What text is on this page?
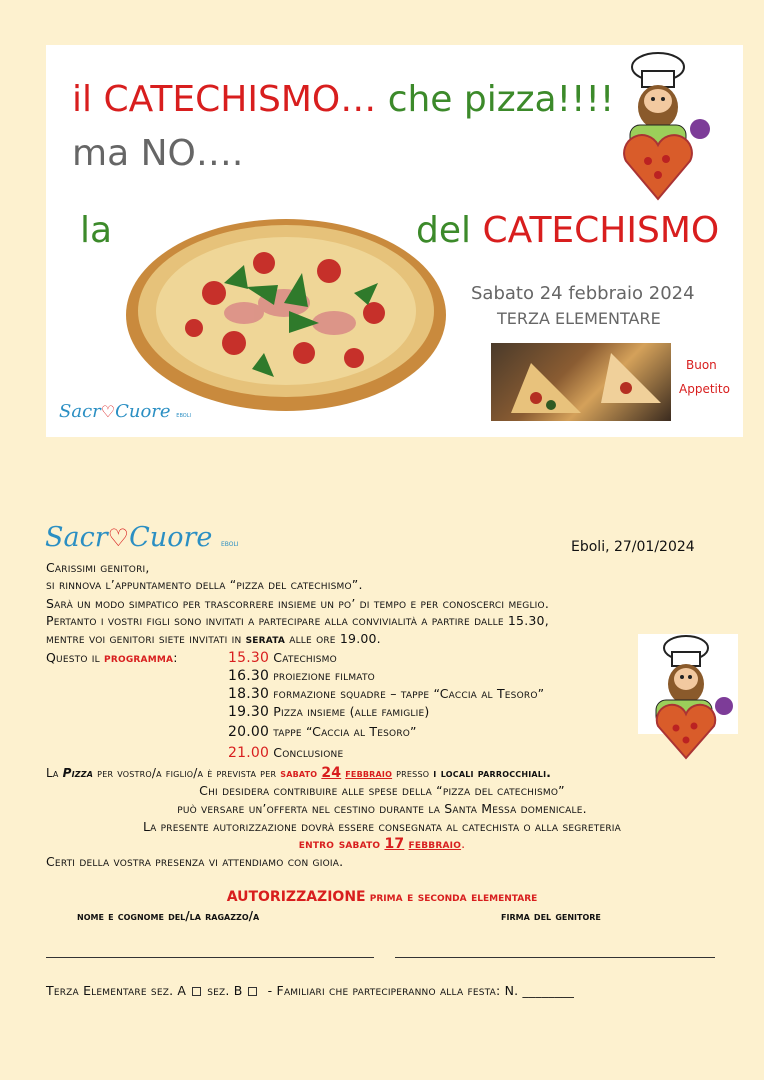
il CATECHISMO… che pizza!!!!
ma NO….
la	del CATECHISMO
Sabato 24 febbraio 2024
TERZA ELEMENTARE
Buon
Appetito
Sacr♡Cuore EBOLI
Sacr♡Cuore EBOLI	Eboli, 27/01/2024
Carissimi genitori,
si rinnova l’appuntamento della “pizza del catechismo”.
Sarà un modo simpatico per trascorrere insieme un po’ di tempo e per conoscerci meglio.
Pertanto i vostri figli sono invitati a partecipare alla convivialità a partire dalle 15.30,
mentre voi genitori siete invitati in serata alle ore 19.00.
Questo il programma:	15.30 Catechismo
16.30 proiezione filmato
18.30 formazione squadre – tappe “Caccia al Tesoro”
19.30 Pizza insieme (alle famiglie)
20.00 tappe “Caccia al Tesoro”
21.00 Conclusione
La Pizza per vostro/a figlio/a è prevista per sabato 24 febbraio presso i locali parrocchiali.
Chi desidera contribuire alle spese della “pizza del catechismo”
può versare un’offerta nel cestino durante la Santa Messa domenicale.
La presente autorizzazione dovrà essere consegnata al catechista o alla segreteria
entro sabato 17 febbraio.
Certi della vostra presenza vi attendiamo con gioia.
AUTORIZZAZIONE prima e seconda elementare
nome e cognome del/la ragazzo/a	firma del genitore
Terza Elementare sez. A sez. B - Familiari che parteciperanno alla festa: N. ________
